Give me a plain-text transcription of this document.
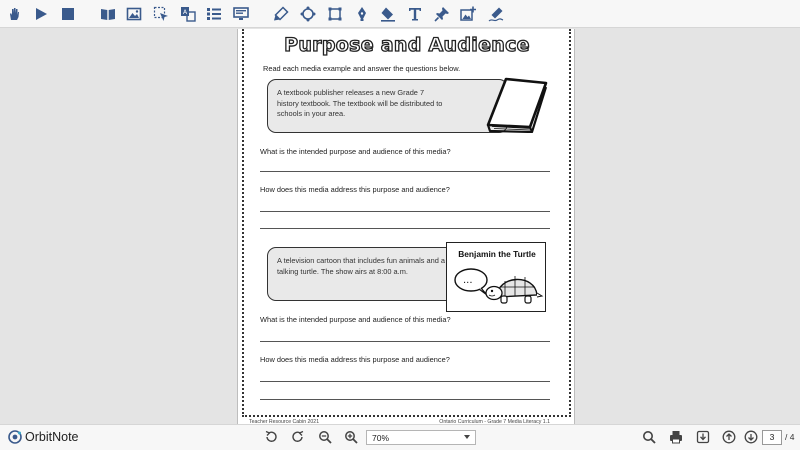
A
Purpose and Audience
Read each media example and answer the questions below.
A textbook publisher releases a new Grade 7 history textbook. The textbook will be distributed to schools in your area.
What is the intended purpose and audience of this media?
How does this media address this purpose and audience?
A television cartoon that includes fun animals and a talking turtle. The show airs at 8:00 a.m.
Benjamin the Turtle
...
What is the intended purpose and audience of this media?
How does this media address this purpose and audience?
Teacher Resource Cabin 2021	Ontario Curriculum - Grade 7 Media Literacy 1.1
OrbitNote	70%	3	/ 4
